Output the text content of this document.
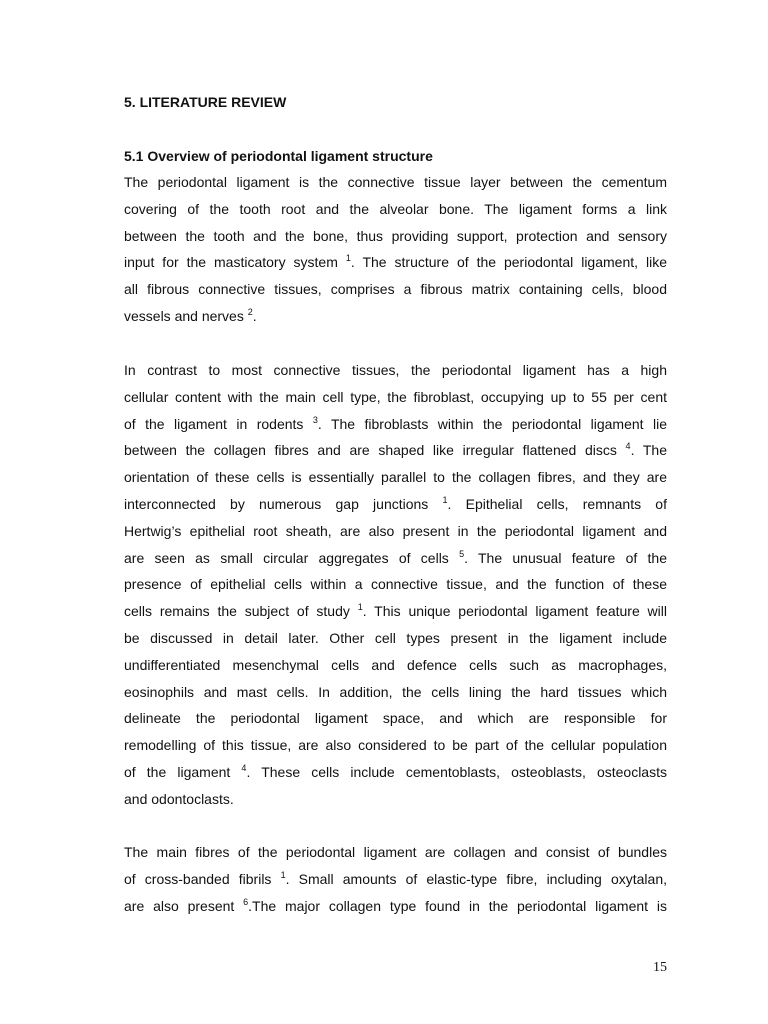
5. LITERATURE REVIEW
5.1 Overview of periodontal ligament structure
The periodontal ligament is the connective tissue layer between the cementum
covering of the tooth root and the alveolar bone. The ligament forms a link
between the tooth and the bone, thus providing support, protection and sensory
input for the masticatory system $^1$. The structure of the periodontal ligament, like
all fibrous connective tissues, comprises a fibrous matrix containing cells, blood
vessels and nerves $^2$.
In contrast to most connective tissues, the periodontal ligament has a high
cellular content with the main cell type, the fibroblast, occupying up to 55 per cent
of the ligament in rodents $^3$. The fibroblasts within the periodontal ligament lie
between the collagen fibres and are shaped like irregular flattened discs $^4$. The
orientation of these cells is essentially parallel to the collagen fibres, and they are
interconnected by numerous gap junctions $^1$. Epithelial cells, remnants of
Hertwig’s epithelial root sheath, are also present in the periodontal ligament and
are seen as small circular aggregates of cells $^5$. The unusual feature of the
presence of epithelial cells within a connective tissue, and the function of these
cells remains the subject of study $^1$. This unique periodontal ligament feature will
be discussed in detail later. Other cell types present in the ligament include
undifferentiated mesenchymal cells and defence cells such as macrophages,
eosinophils and mast cells. In addition, the cells lining the hard tissues which
delineate the periodontal ligament space, and which are responsible for
remodelling of this tissue, are also considered to be part of the cellular population
of the ligament $^4$. These cells include cementoblasts, osteoblasts, osteoclasts
and odontoclasts.
The main fibres of the periodontal ligament are collagen and consist of bundles
of cross-banded fibrils $^1$. Small amounts of elastic-type fibre, including oxytalan,
are also present $^6$.The major collagen type found in the periodontal ligament is
15
